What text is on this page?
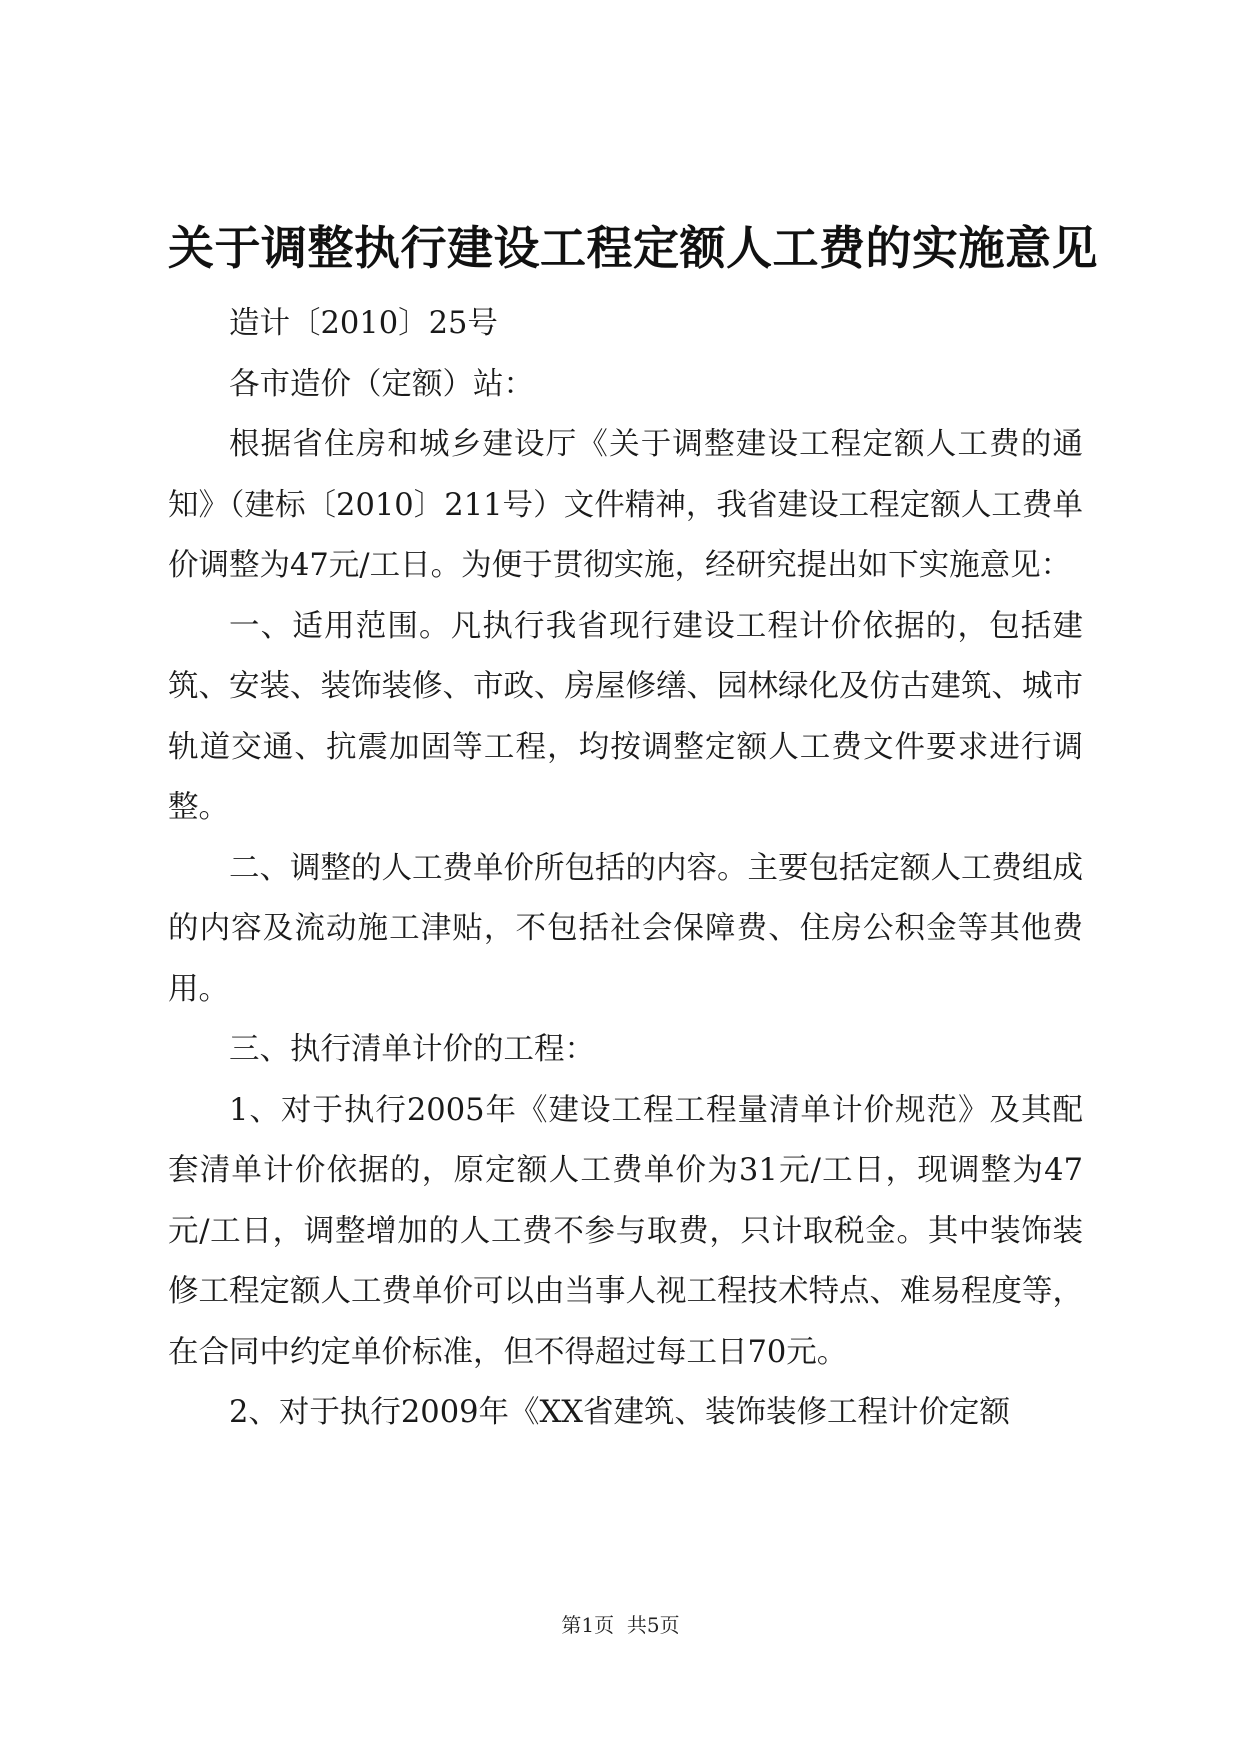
关于调整执行建设工程定额人工费的实施意见

造计〔2010〕25号

各市造价（定额）站：

根据省住房和城乡建设厅《关于调整建设工程定额人工费的通知》（建标〔2010〕211号）文件精神，我省建设工程定额人工费单价调整为47元/工日。为便于贯彻实施，经研究提出如下实施意见：

一、适用范围。凡执行我省现行建设工程计价依据的，包括建筑、安装、装饰装修、市政、房屋修缮、园林绿化及仿古建筑、城市轨道交通、抗震加固等工程，均按调整定额人工费文件要求进行调整。

二、调整的人工费单价所包括的内容。主要包括定额人工费组成的内容及流动施工津贴，不包括社会保障费、住房公积金等其他费用。

三、执行清单计价的工程：

1、对于执行2005年《建设工程工程量清单计价规范》及其配套清单计价依据的，原定额人工费单价为31元/工日，现调整为47元/工日，调整增加的人工费不参与取费，只计取税金。其中装饰装修工程定额人工费单价可以由当事人视工程技术特点、难易程度等，在合同中约定单价标准，但不得超过每工日70元。

2、对于执行2009年《XX省建筑、装饰装修工程计价定额

第1页  共5页
